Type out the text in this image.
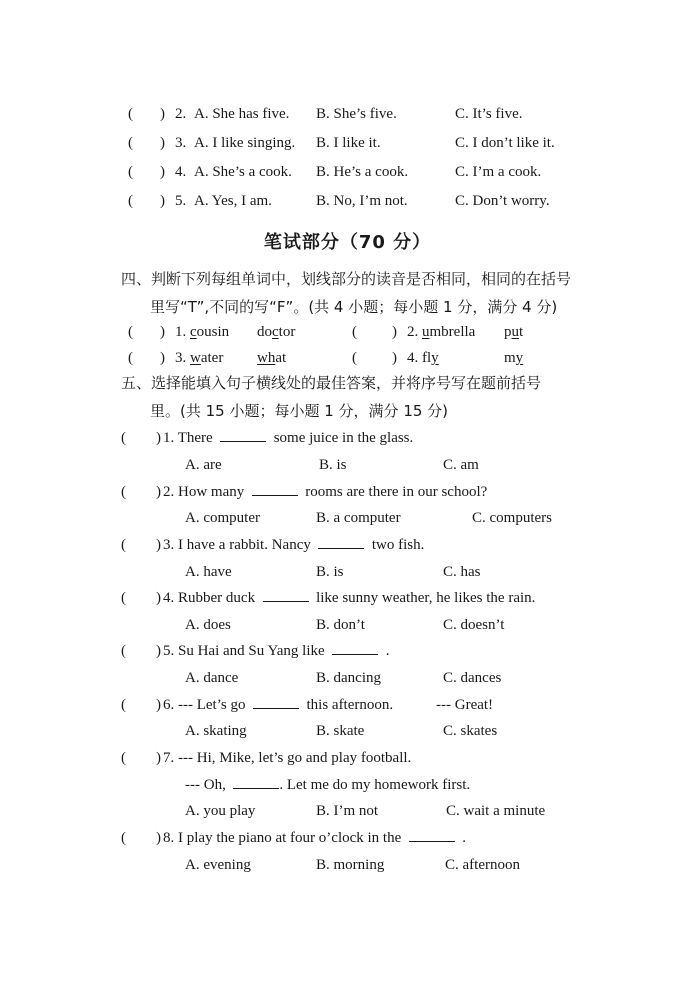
( ) 2. A. She has five. B. She’s five.	C. It’s five.
( ) 3. A. I like singing. B. I like it.	C. I don’t like it.
( ) 4. A. She’s a cook. B. He’s a cook.	C. I’m a cook.
( ) 5. A. Yes, I am.	B. No, I’m not.	C. Don’t worry.
笔试部分（70 分）
四、判断下列每组单词中，划线部分的读音是否相同，相同的在括号
里写“T”,不同的写“F”。(共 4 小题；每小题 1 分，满分 4 分)
( ) 1. cousin doctor	( ) 2. umbrella put
( ) 3. water what	( ) 4. fly	my
五、选择能填入句子横线处的最佳答案，并将序号写在题前括号
里。(共 15 小题；每小题 1 分，满分 15 分)
( ) 1. There	some juice in the glass.
A. are	B. is	C. am
( ) 2. How many	rooms are there in our school?
A. computer	B. a computer	C. computers
( ) 3. I have a rabbit. Nancy	two fish.
A. have	B. is	C. has
( ) 4. Rubber duck	like sunny weather, he likes the rain.
A. does	B. don’t	C. doesn’t
( ) 5. Su Hai and Su Yang like	.
A. dance	B. dancing	C. dances
( ) 6. --- Let’s go	this afternoon.	--- Great!
A. skating	B. skate	C. skates
( ) 7. --- Hi, Mike, let’s go and play football.
--- Oh,	. Let me do my homework first.
A. you play	B. I’m not	C. wait a minute
( ) 8. I play the piano at four o’clock in the	.
A. evening	B. morning	C. afternoon
